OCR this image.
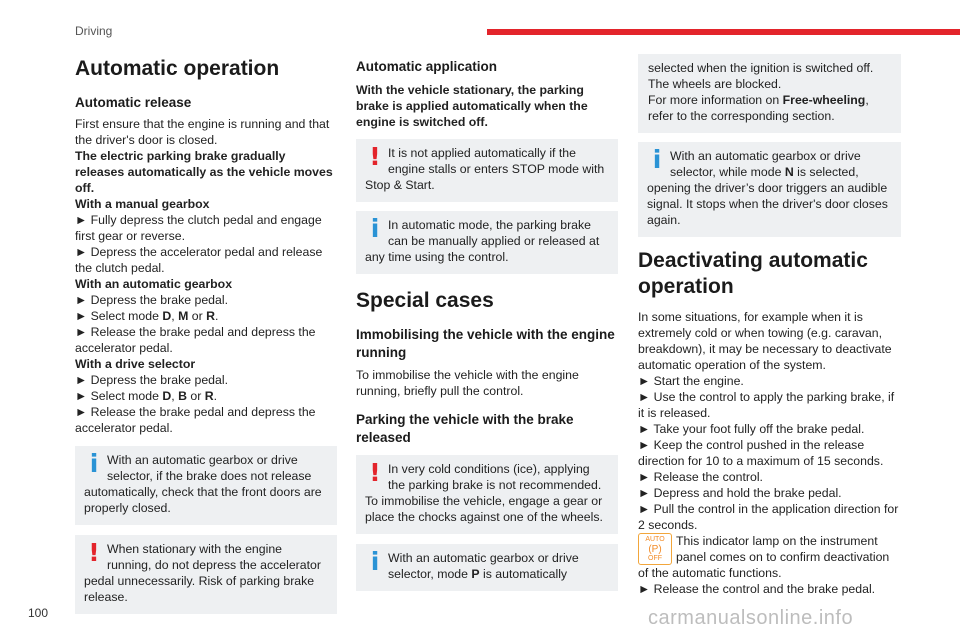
Driving

Automatic operation

Automatic release

First ensure that the engine is running and that the driver's door is closed.

The electric parking brake gradually releases automatically as the vehicle moves off.

With a manual gearbox

► Fully depress the clutch pedal and engage first gear or reverse.

► Depress the accelerator pedal and release the clutch pedal.

With an automatic gearbox

► Depress the brake pedal.

► Select mode D, M or R.

► Release the brake pedal and depress the accelerator pedal.

With a drive selector

► Depress the brake pedal.

► Select mode D, B or R.

► Release the brake pedal and depress the accelerator pedal.

i With an automatic gearbox or drive selector, if the brake does not release automatically, check that the front doors are properly closed.
! When stationary with the engine running, do not depress the accelerator pedal unnecessarily. Risk of parking brake release.

Automatic application

With the vehicle stationary, the parking brake is applied automatically when the engine is switched off.

! It is not applied automatically if the engine stalls or enters STOP mode with Stop & Start.
i In automatic mode, the parking brake can be manually applied or released at any time using the control.

Special cases

Immobilising the vehicle with the engine running

To immobilise the vehicle with the engine running, briefly pull the control.

Parking the vehicle with the brake released

! In very cold conditions (ice), applying the parking brake is not recommended.
To immobilise the vehicle, engage a gear or place the chocks against one of the wheels.
i With an automatic gearbox or drive selector, mode P is automatically
selected when the ignition is switched off. The wheels are blocked.
For more information on Free-wheeling, refer to the corresponding section.
i With an automatic gearbox or drive selector, while mode N is selected, opening the driver’s door triggers an audible signal. It stops when the driver's door closes again.

Deactivating automatic operation

In some situations, for example when it is extremely cold or when towing (e.g. caravan, breakdown), it may be necessary to deactivate automatic operation of the system.

► Start the engine.

► Use the control to apply the parking brake, if it is released.

► Take your foot fully off the brake pedal.

► Keep the control pushed in the release direction for 10 to a maximum of 15 seconds.

► Release the control.

► Depress and hold the brake pedal.

► Pull the control in the application direction for 2 seconds.

AUTO
(P)
OFF
This indicator lamp on the instrument panel comes on to confirm deactivation of the automatic functions.

► Release the control and the brake pedal.

100	carmanualsonline.info
